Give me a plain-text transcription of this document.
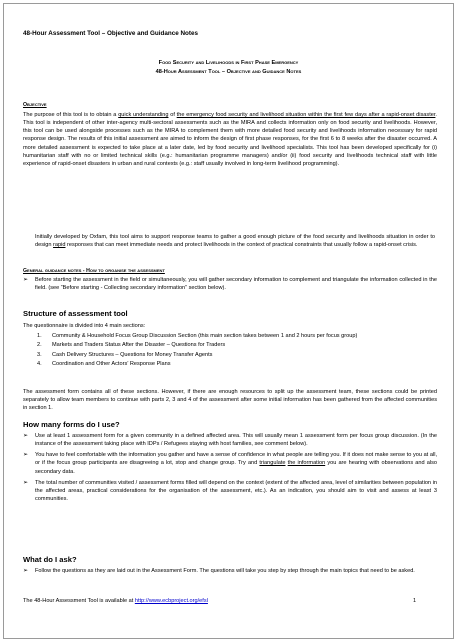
48-Hour Assessment Tool – Objective and Guidance Notes
Food Security and Livelihoods in First Phase Emergency
48-Hour Assessment Tool – Objective and Guidance Notes
Objective
The purpose of this tool is to obtain a quick understanding of the emergency food security and livelihood situation within the first few days after a rapid-onset disaster. This tool is independent of other inter-agency multi-sectoral assessments such as the MIRA and collects information only on food security and livelihoods. However, this tool can be used alongside processes such as the MIRA to complement them with more detailed food security and livelihoods information necessary for rapid response design. The results of this initial assessment are aimed to inform the design of first phase responses, for the first 6 to 8 weeks after the disaster occurred. A more detailed assessment is expected to take place at a later date, led by food security and livelihood specialists. This tool has been developed specifically for (i) humanitarian staff with no or limited technical skills (e.g.: humanitarian programme managers) and/or (ii) food security and livelihoods technical staff with little experience of rapid-onset disasters in urban and rural contexts (e.g.: staff usually involved in long-term livelihood programming).
Initially developed by Oxfam, this tool aims to support response teams to gather a good enough picture of the food security and livelihoods situation in order to design rapid responses that can meet immediate needs and protect livelihoods in the context of practical constraints that usually follow a rapid-onset crisis.
General guidance notes - How to organise the assessment
➢ Before starting the assessment in the field or simultaneously, you will gather secondary information to complement and triangulate the information collected in the field. (see “Before starting - Collecting secondary information” section below).
Structure of assessment tool
The questionnaire is divided into 4 main sections:
1. Community & Household Focus Group Discussion Section (this main section takes between 1 and 2 hours per focus group)
2. Markets and Traders Status After the Disaster – Questions for Traders
3. Cash Delivery Structures – Questions for Money Transfer Agents
4. Coordination and Other Actors’ Response Plans
The assessment form contains all of these sections. However, if there are enough resources to split up the assessment team, these sections could be printed separately to allow team members to continue with parts 2, 3 and 4 of the assessment after some initial information has been gathered from the affected communities in section 1.
How many forms do I use?
➢ Use at least 1 assessment form for a given community in a defined affected area. This will usually mean 1 assessment form per focus group discussion. (In the instance of the assessment taking place with IDPs / Refugees staying with host families, see comment below).
➢ You have to feel comfortable with the information you gather and have a sense of confidence in what people are telling you. If it does not make sense to you at all, or if the focus group participants are disagreeing a lot, stop and change group. Try and triangulate the information you are hearing with observations and also secondary data.
➢ The total number of communities visited / assessment forms filled will depend on the context (extent of the affected area, level of similarities between population in the affected areas, practical considerations for the organisation of the assessment, etc.). As an indication, you should aim to visit and assess at least 3 communities.
What do I ask?
➢ Follow the questions as they are laid out in the Assessment Form. The questions will take you step by step through the main topics that need to be asked.
The 48-Hour Assessment Tool is available at http://www.ecbproject.org/efsl	1
